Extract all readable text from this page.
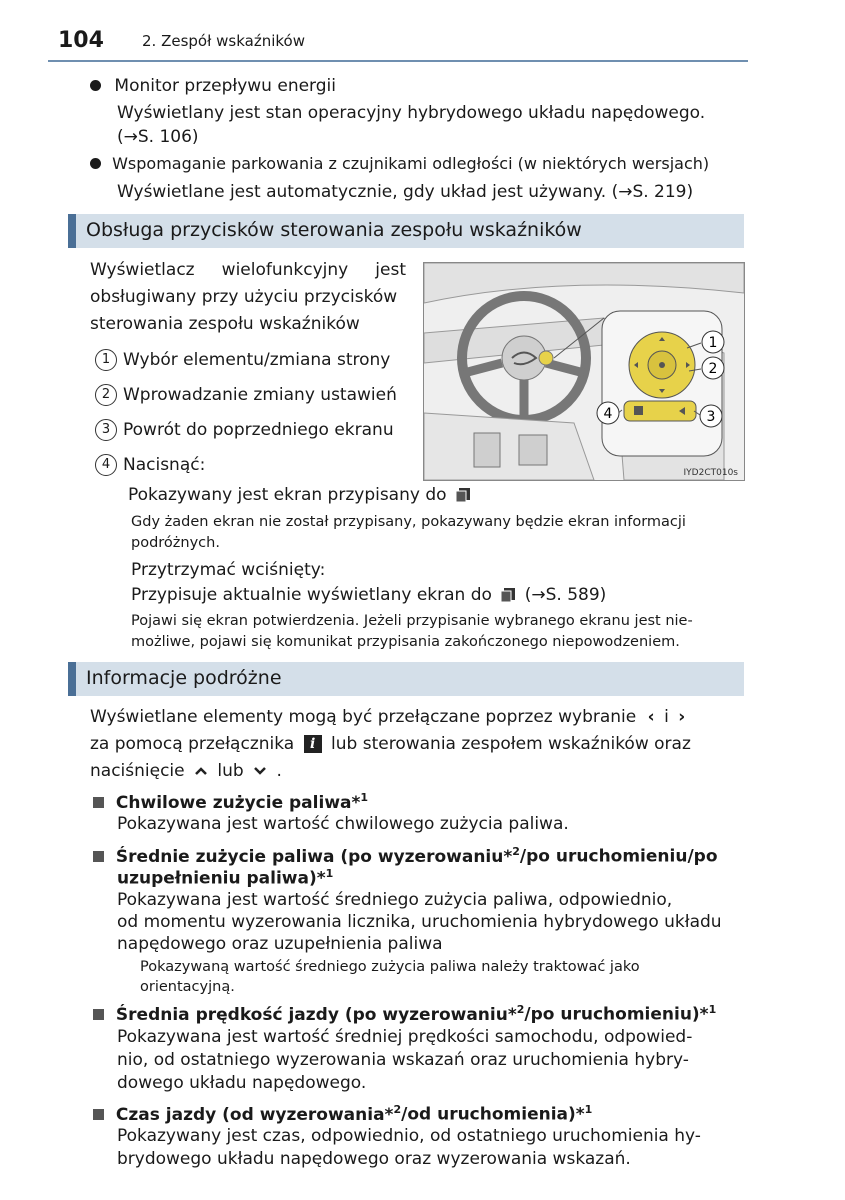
104	2. Zespół wskaźników
Monitor przepływu energii
Wyświetlany jest stan operacyjny hybrydowego układu napędowego.
(→S. 106)
Wspomaganie parkowania z czujnikami odległości (w niektórych wersjach)
Wyświetlane jest automatycznie, gdy układ jest używany. (→S. 219)
Obsługa przycisków sterowania zespołu wskaźników
Wyświetlacz wielofunkcyjny jest
obsługiwany przy użyciu przycisków
sterowania zespołu wskaźników
1 Wybór elementu/zmiana strony
2 Wprowadzanie zmiany ustawień
3 Powrót do poprzedniego ekranu
4 Nacisnąć:
1
2
3
4
IYD2CT010s
Pokazywany jest ekran przypisany do
Gdy żaden ekran nie został przypisany, pokazywany będzie ekran informacji
podróżnych.
Przytrzymać wciśnięty:
Przypisuje aktualnie wyświetlany ekran do (→S. 589)
Pojawi się ekran potwierdzenia. Jeżeli przypisanie wybranego ekranu jest nie-
możliwe, pojawi się komunikat przypisania zakończonego niepowodzeniem.
Informacje podróżne
Wyświetlane elementy mogą być przełączane poprzez wybranie ‹ i ›
za pomocą przełącznika i lub sterowania zespołem wskaźników oraz
naciśnięcie lub .
Chwilowe zużycie paliwa*$^1$
Pokazywana jest wartość chwilowego zużycia paliwa.
Średnie zużycie paliwa (po wyzerowaniu*$^2$/po uruchomieniu/po
uzupełnieniu paliwa)*$^1$
Pokazywana jest wartość średniego zużycia paliwa, odpowiednio,
od momentu wyzerowania licznika, uruchomienia hybrydowego układu
napędowego oraz uzupełnienia paliwa
Pokazywaną wartość średniego zużycia paliwa należy traktować jako
orientacyjną.
Średnia prędkość jazdy (po wyzerowaniu*$^2$/po uruchomieniu)*$^1$
Pokazywana jest wartość średniej prędkości samochodu, odpowied-
nio, od ostatniego wyzerowania wskazań oraz uruchomienia hybry-
dowego układu napędowego.
Czas jazdy (od wyzerowania*$^2$/od uruchomienia)*$^1$
Pokazywany jest czas, odpowiednio, od ostatniego uruchomienia hy-
brydowego układu napędowego oraz wyzerowania wskazań.
